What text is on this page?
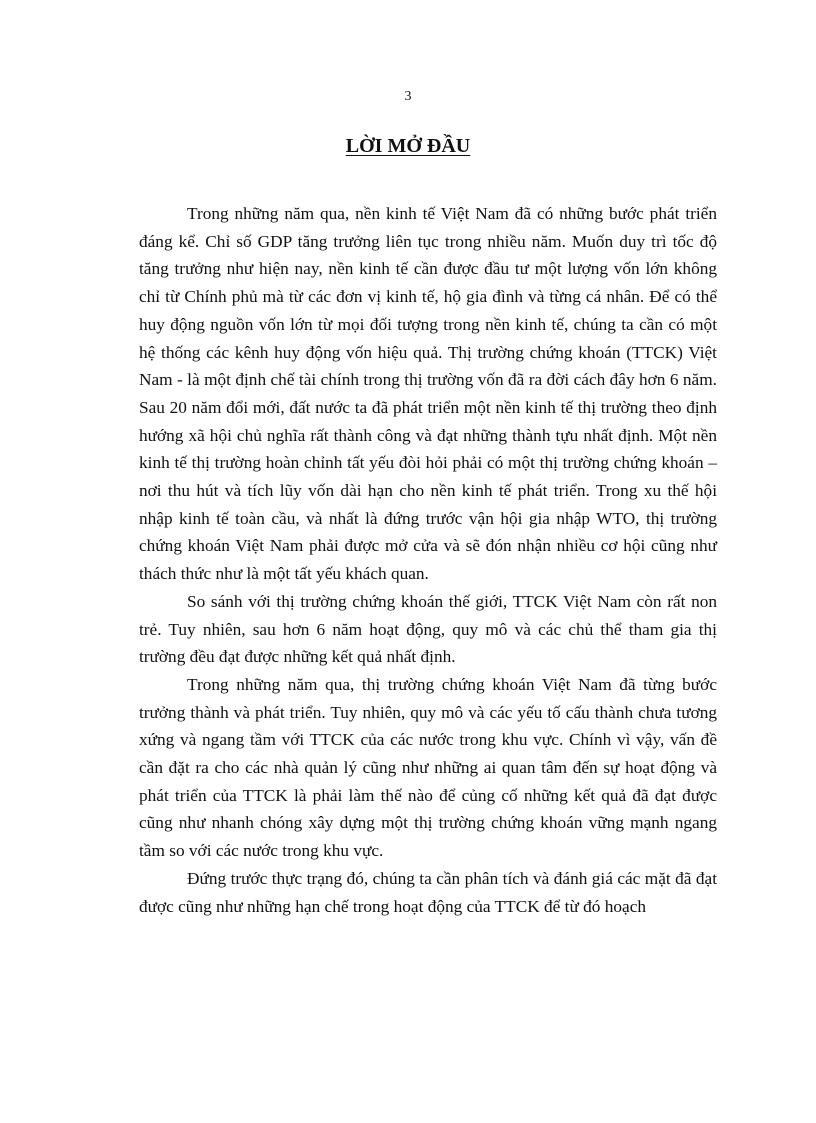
3
LỜI MỞ ĐẦU

Trong những năm qua, nền kinh tế Việt Nam đã có những bước phát triển đáng kể. Chỉ số GDP tăng trưởng liên tục trong nhiều năm. Muốn duy trì tốc độ tăng trưởng như hiện nay, nền kinh tế cần được đầu tư một lượng vốn lớn không chỉ từ Chính phủ mà từ các đơn vị kinh tế, hộ gia đình và từng cá nhân. Để có thể huy động nguồn vốn lớn từ mọi đối tượng trong nền kinh tế, chúng ta cần có một hệ thống các kênh huy động vốn hiệu quả. Thị trường chứng khoán (TTCK) Việt Nam - là một định chế tài chính trong thị trường vốn đã ra đời cách đây hơn 6 năm. Sau 20 năm đổi mới, đất nước ta đã phát triển một nền kinh tế thị trường theo định hướng xã hội chủ nghĩa rất thành công và đạt những thành tựu nhất định. Một nền kinh tế thị trường hoàn chỉnh tất yếu đòi hỏi phải có một thị trường chứng khoán – nơi thu hút và tích lũy vốn dài hạn cho nền kinh tế phát triển. Trong xu thế hội nhập kinh tế toàn cầu, và nhất là đứng trước vận hội gia nhập WTO, thị trường chứng khoán Việt Nam phải được mở cửa và sẽ đón nhận nhiều cơ hội cũng như thách thức như là một tất yếu khách quan.

So sánh với thị trường chứng khoán thế giới, TTCK Việt Nam còn rất non trẻ. Tuy nhiên, sau hơn 6 năm hoạt động, quy mô và các chủ thể tham gia thị trường đều đạt được những kết quả nhất định.

Trong những năm qua, thị trường chứng khoán Việt Nam đã từng bước trưởng thành và phát triển. Tuy nhiên, quy mô và các yếu tố cấu thành chưa tương xứng và ngang tầm với TTCK của các nước trong khu vực. Chính vì vậy, vấn đề cần đặt ra cho các nhà quản lý cũng như những ai quan tâm đến sự hoạt động và phát triển của TTCK là phải làm thế nào để củng cố những kết quả đã đạt được cũng như nhanh chóng xây dựng một thị trường chứng khoán vững mạnh ngang tầm so với các nước trong khu vực.

Đứng trước thực trạng đó, chúng ta cần phân tích và đánh giá các mặt đã đạt được cũng như những hạn chế trong hoạt động của TTCK để từ đó hoạch
